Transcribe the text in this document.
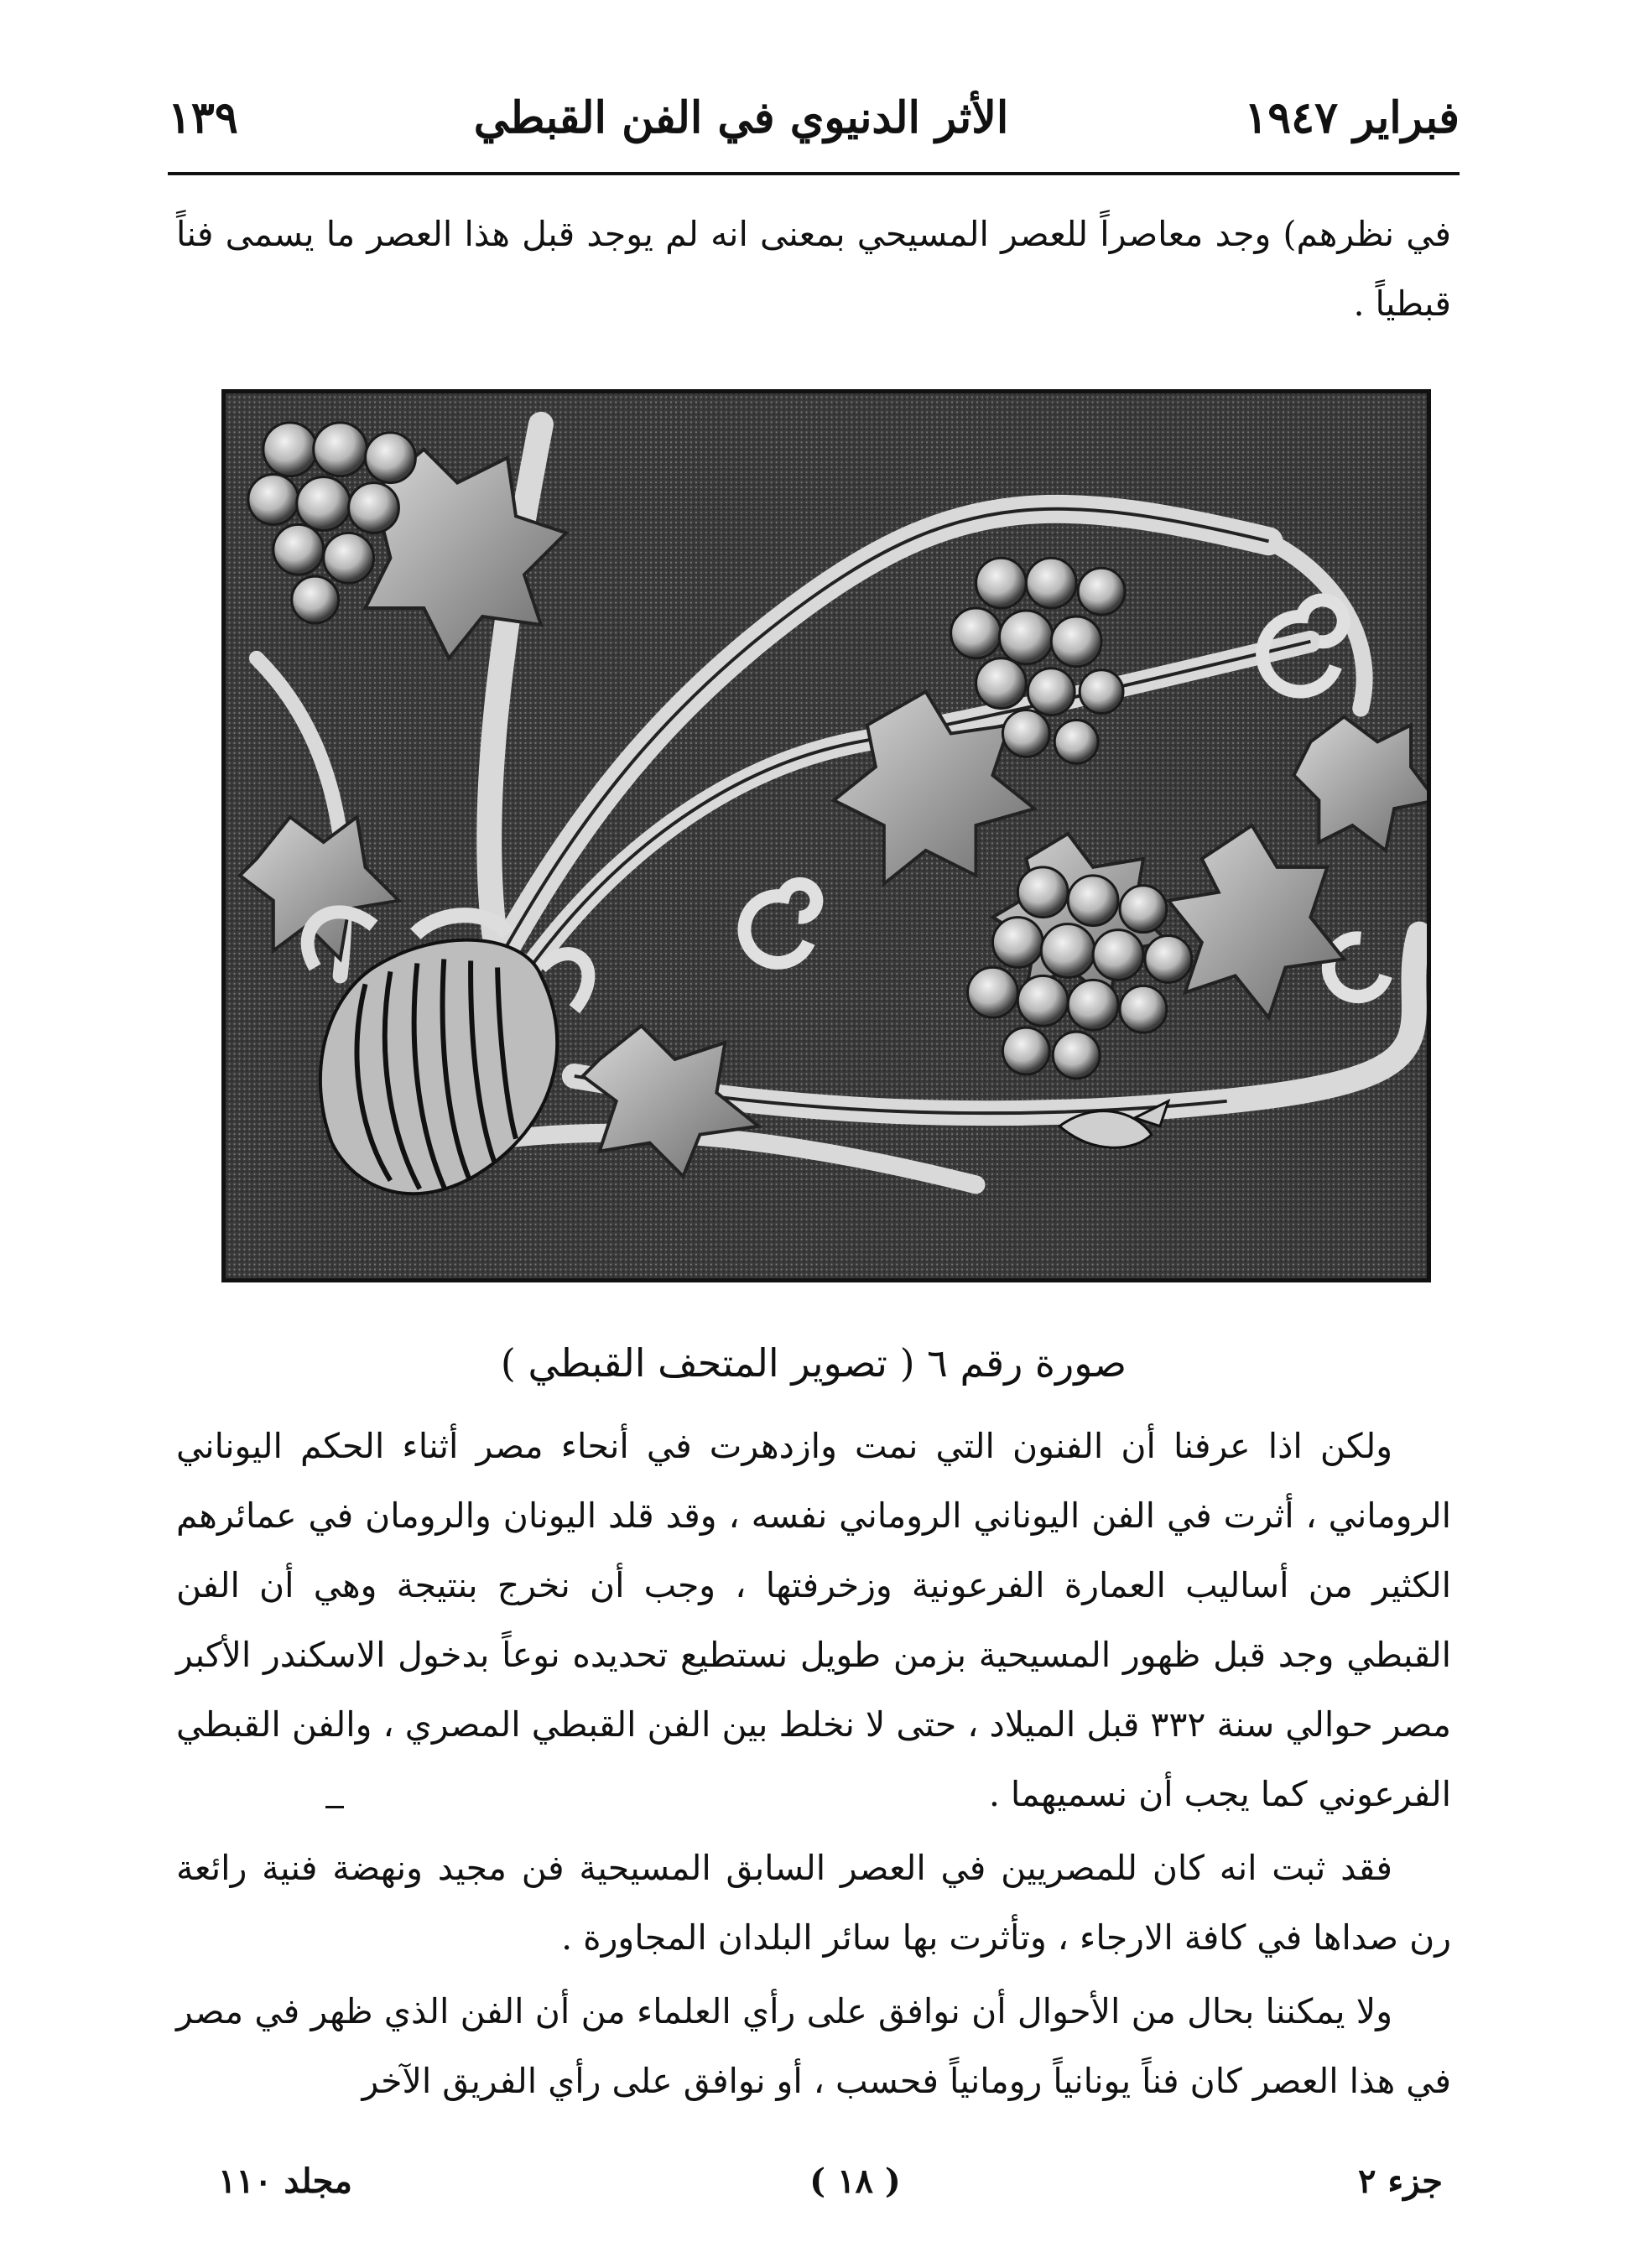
فبراير ١٩٤٧
الأثر الدنيوي في الفن القبطي
١٣٩

في نظرهم) وجد معاصراً للعصر المسيحي بمعنى انه لم يوجد قبل هذا العصر ما يسمى فناً قبطياً .

صورة رقم ٦ ( تصوير المتحف القبطي )

ولكن اذا عرفنا أن الفنون التي نمت وازدهرت في أنحاء مصر أثناء الحكم اليوناني الروماني ، أثرت في الفن اليوناني الروماني نفسه ، وقد قلد اليونان والرومان في عمائرهم الكثير من أساليب العمارة الفرعونية وزخرفتها ، وجب أن نخرج بنتيجة وهي أن الفن القبطي وجد قبل ظهور المسيحية بزمن طويل نستطيع تحديده نوعاً بدخول الاسكندر الأكبر مصر حوالي سنة ٣٣٢ قبل الميلاد ، حتى لا نخلط بين الفن القبطي المصري ، والفن القبطي الفرعوني كما يجب أن نسميهما .

فقد ثبت انه كان للمصريين في العصر السابق المسيحية فن مجيد ونهضة فنية رائعة رن صداها في كافة الارجاء ، وتأثرت بها سائر البلدان المجاورة .

ولا يمكننا بحال من الأحوال أن نوافق على رأي العلماء من أن الفن الذي ظهر في مصر في هذا العصر كان فناً يونانياً رومانياً فحسب ، أو نوافق على رأي الفريق الآخر

جزء ٢
( ١٨ )
مجلد ١١٠
